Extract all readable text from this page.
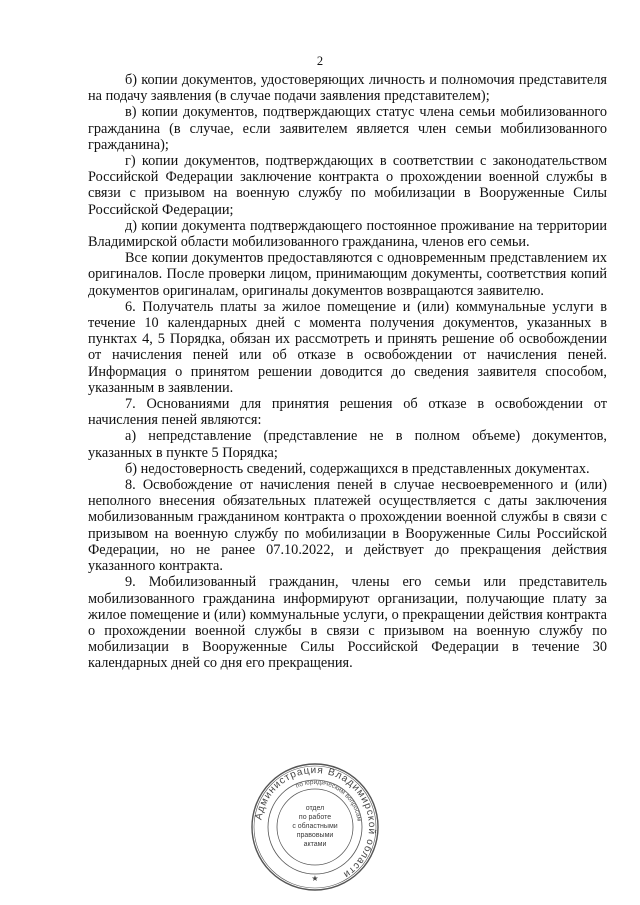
2

б) копии документов, удостоверяющих личность и полномочия представителя на подачу заявления (в случае подачи заявления представителем);

в) копии документов, подтверждающих статус члена семьи мобилизованного гражданина (в случае, если заявителем является член семьи мобилизованного гражданина);

г) копии документов, подтверждающих в соответствии с законодательством Российской Федерации заключение контракта о прохождении военной службы в связи с призывом на военную службу по мобилизации в Вооруженные Силы Российской Федерации;

д) копии документа подтверждающего постоянное проживание на территории Владимирской области мобилизованного гражданина, членов его семьи.

Все копии документов предоставляются с одновременным представлением их оригиналов. После проверки лицом, принимающим документы, соответствия копий документов оригиналам, оригиналы документов возвращаются заявителю.

6. Получатель платы за жилое помещение и (или) коммунальные услуги в течение 10 календарных дней с момента получения документов, указанных в пунктах 4, 5 Порядка, обязан их рассмотреть и принять решение об освобождении от начисления пеней или об отказе в освобождении от начисления пеней. Информация о принятом решении доводится до сведения заявителя способом, указанным в заявлении.

7. Основаниями для принятия решения об отказе в освобождении от начисления пеней являются:

а) непредставление (представление не в полном объеме) документов, указанных в пункте 5 Порядка;

б) недостоверность сведений, содержащихся в представленных документах.

8. Освобождение от начисления пеней в случае несвоевременного и (или) неполного внесения обязательных платежей осуществляется с даты заключения мобилизованным гражданином контракта о прохождении военной службы в связи с призывом на военную службу по мобилизации в Вооруженные Силы Российской Федерации, но не ранее 07.10.2022, и действует до прекращения действия указанного контракта.

9. Мобилизованный гражданин, члены его семьи или представитель мобилизованного гражданина информируют организации, получающие плату за жилое помещение и (или) коммунальные услуги, о прекращении действия контракта о прохождении военной службы в связи с призывом на военную службу по мобилизации в Вооруженные Силы Российской Федерации в течение 30 календарных дней со дня его прекращения.

Администрация Владимирской области
по юридическим вопросам
★
отдел
по работе
с областными
правовыми
актами
